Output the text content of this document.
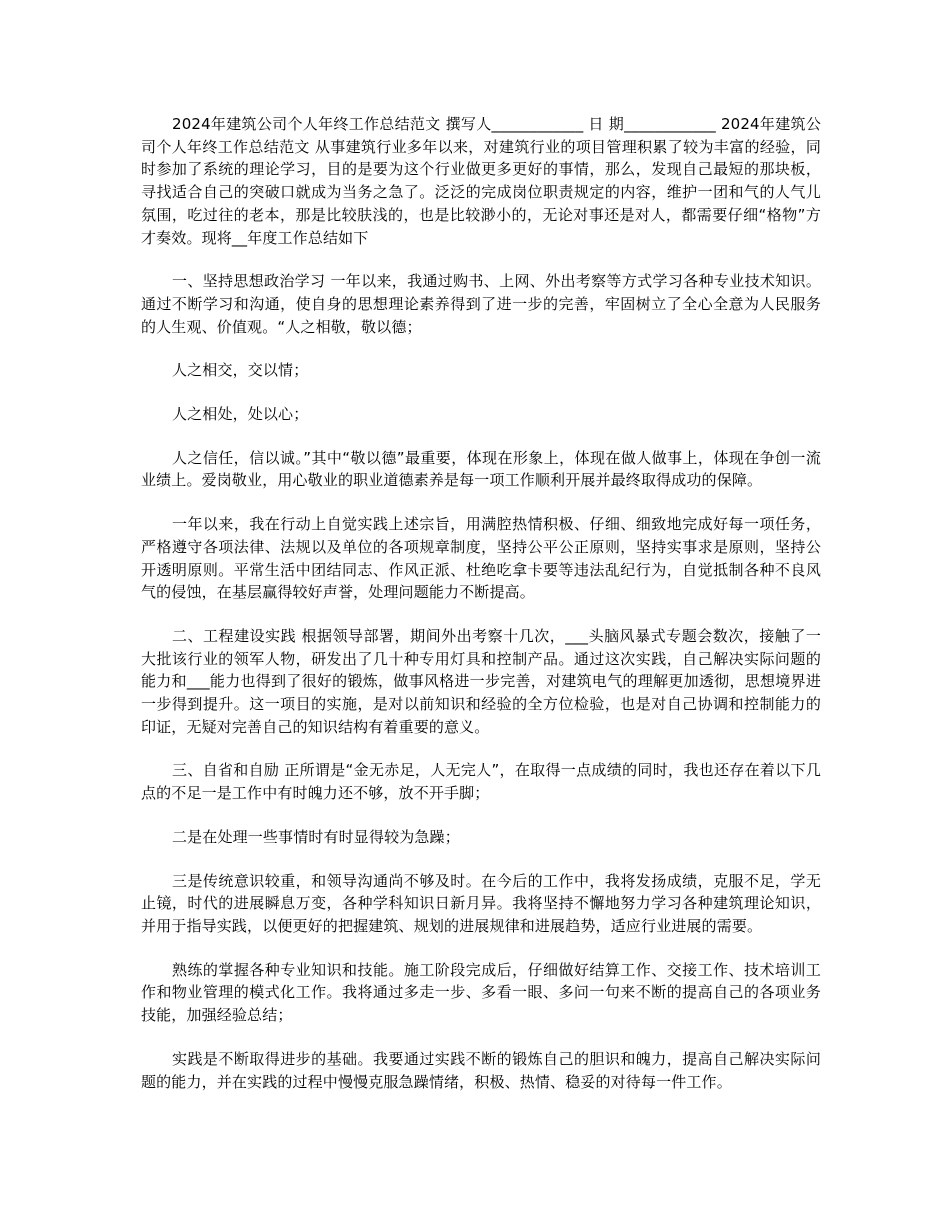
2024年建筑公司个人年终工作总结范文 撰写人____________ 日 期____________ 2024年建筑公司个人年终工作总结范文 从事建筑行业多年以来，对建筑行业的项目管理积累了较为丰富的经验，同时参加了系统的理论学习，目的是要为这个行业做更多更好的事情，那么，发现自己最短的那块板，寻找适合自己的突破口就成为当务之急了。泛泛的完成岗位职责规定的内容，维护一团和气的人气儿氛围，吃过往的老本，那是比较肤浅的，也是比较渺小的，无论对事还是对人，都需要仔细“格物”方才奏效。现将__年度工作总结如下

一、坚持思想政治学习 一年以来，我通过购书、上网、外出考察等方式学习各种专业技术知识。通过不断学习和沟通，使自身的思想理论素养得到了进一步的完善，牢固树立了全心全意为人民服务的人生观、价值观。“人之相敬，敬以德；

人之相交，交以情；

人之相处，处以心；

人之信任，信以诚。”其中“敬以德”最重要，体现在形象上，体现在做人做事上，体现在争创一流业绩上。爱岗敬业，用心敬业的职业道德素养是每一项工作顺利开展并最终取得成功的保障。

一年以来，我在行动上自觉实践上述宗旨，用满腔热情积极、仔细、细致地完成好每一项任务，严格遵守各项法律、法规以及单位的各项规章制度，坚持公平公正原则，坚持实事求是原则，坚持公开透明原则。平常生活中团结同志、作风正派、杜绝吃拿卡要等违法乱纪行为，自觉抵制各种不良风气的侵蚀，在基层赢得较好声誉，处理问题能力不断提高。

二、工程建设实践 根据领导部署，期间外出考察十几次，___头脑风暴式专题会数次，接触了一大批该行业的领军人物，研发出了几十种专用灯具和控制产品。通过这次实践，自己解决实际问题的能力和___能力也得到了很好的锻炼，做事风格进一步完善，对建筑电气的理解更加透彻，思想境界进一步得到提升。这一项目的实施，是对以前知识和经验的全方位检验，也是对自己协调和控制能力的印证，无疑对完善自己的知识结构有着重要的意义。

三、自省和自励 正所谓是“金无赤足，人无完人”，在取得一点成绩的同时，我也还存在着以下几点的不足一是工作中有时魄力还不够，放不开手脚；

二是在处理一些事情时有时显得较为急躁；

三是传统意识较重，和领导沟通尚不够及时。在今后的工作中，我将发扬成绩，克服不足，学无止镜，时代的进展瞬息万变，各种学科知识日新月异。我将坚持不懈地努力学习各种建筑理论知识，并用于指导实践，以便更好的把握建筑、规划的进展规律和进展趋势，适应行业进展的需要。

熟练的掌握各种专业知识和技能。施工阶段完成后，仔细做好结算工作、交接工作、技术培训工作和物业管理的模式化工作。我将通过多走一步、多看一眼、多问一句来不断的提高自己的各项业务技能，加强经验总结；

实践是不断取得进步的基础。我要通过实践不断的锻炼自己的胆识和魄力，提高自己解决实际问题的能力，并在实践的过程中慢慢克服急躁情绪，积极、热情、稳妥的对待每一件工作。
